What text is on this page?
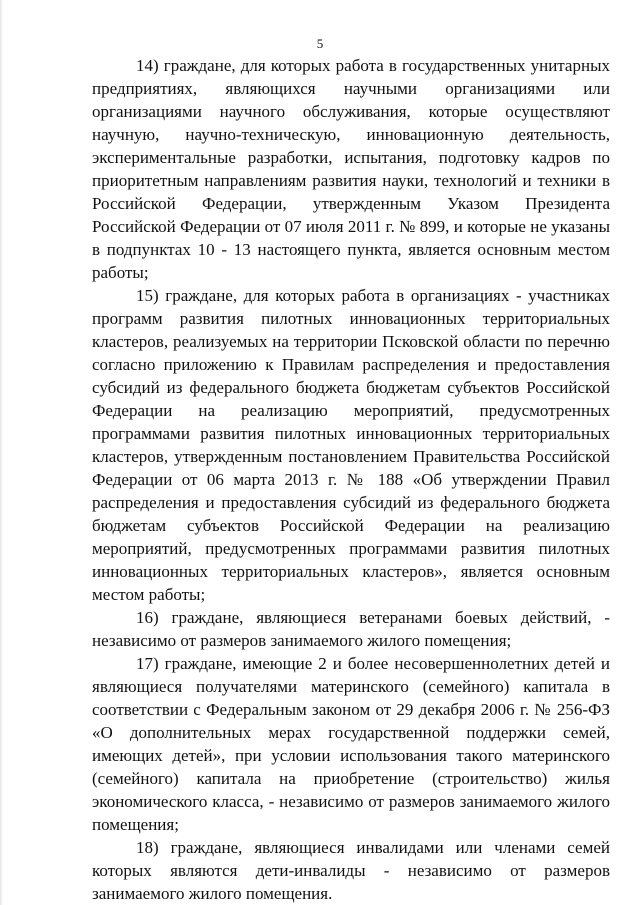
5

14) граждане, для которых работа в государственных унитарных предприятиях, являющихся научными организациями или организациями научного обслуживания, которые осуществляют научную, научно-техническую, инновационную деятельность, экспериментальные разработки, испытания, подготовку кадров по приоритетным направлениям развития науки, технологий и техники в Российской Федерации, утвержденным Указом Президента Российской Федерации от 07 июля 2011 г. № 899, и которые не указаны в подпунктах 10 - 13 настоящего пункта, является основным местом работы;

15) граждане, для которых работа в организациях - участниках программ развития пилотных инновационных территориальных кластеров, реализуемых на территории Псковской области по перечню согласно приложению к Правилам распределения и предоставления субсидий из федерального бюджета бюджетам субъектов Российской Федерации на реализацию мероприятий, предусмотренных программами развития пилотных инновационных территориальных кластеров, утвержденным постановлением Правительства Российской Федерации от 06 марта 2013 г. № 188 «Об утверждении Правил распределения и предоставления субсидий из федерального бюджета бюджетам субъектов Российской Федерации на реализацию мероприятий, предусмотренных программами развития пилотных инновационных территориальных кластеров», является основным местом работы;

16) граждане, являющиеся ветеранами боевых действий, - независимо от размеров занимаемого жилого помещения;

17) граждане, имеющие 2 и более несовершеннолетних детей и являющиеся получателями материнского (семейного) капитала в соответствии с Федеральным законом от 29 декабря 2006 г. № 256-ФЗ «О дополнительных мерах государственной поддержки семей, имеющих детей», при условии использования такого материнского (семейного) капитала на приобретение (строительство) жилья экономического класса, - независимо от размеров занимаемого жилого помещения;

18) граждане, являющиеся инвалидами или членами семей которых являются дети-инвалиды - независимо от размеров занимаемого жилого помещения.
